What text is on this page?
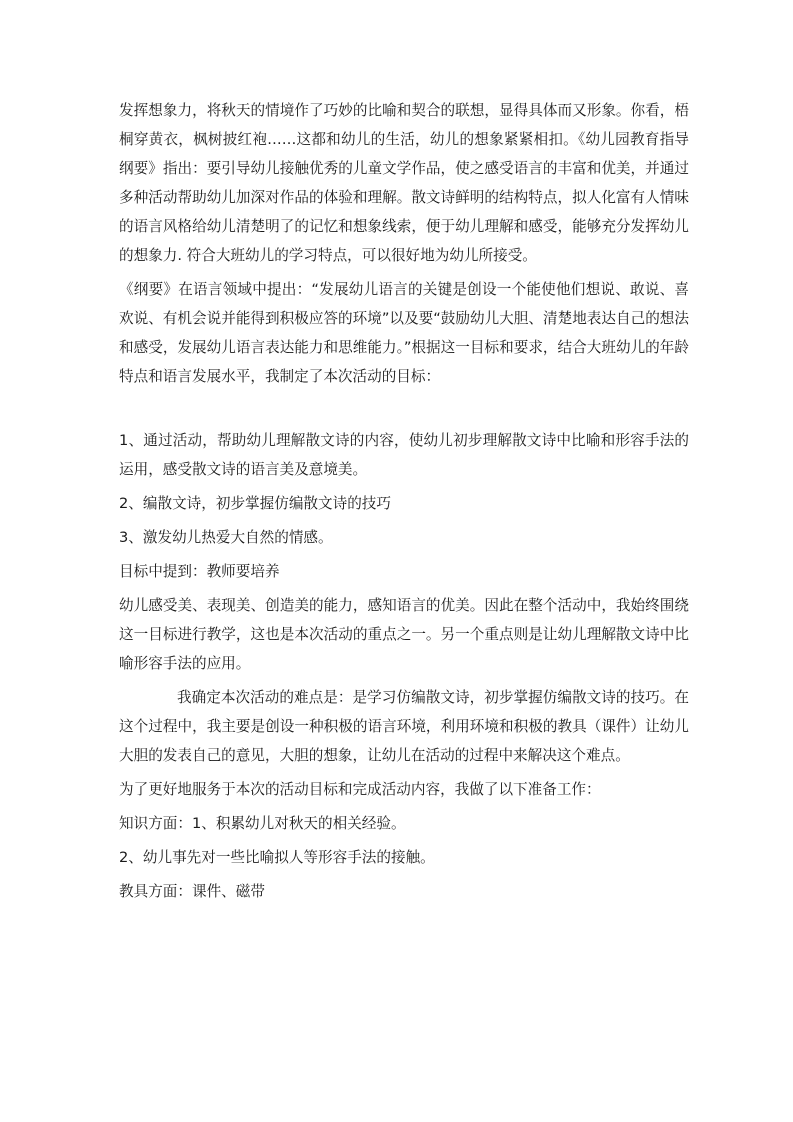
发挥想象力，将秋天的情境作了巧妙的比喻和契合的联想，显得具体而又形象。你看，梧桐穿黄衣，枫树披红袍……这都和幼儿的生活，幼儿的想象紧紧相扣。《幼儿园教育指导纲要》指出：要引导幼儿接触优秀的儿童文学作品，使之感受语言的丰富和优美，并通过多种活动帮助幼儿加深对作品的体验和理解。散文诗鲜明的结构特点，拟人化富有人情味的语言风格给幼儿清楚明了的记忆和想象线索，便于幼儿理解和感受，能够充分发挥幼儿的想象力. 符合大班幼儿的学习特点，可以很好地为幼儿所接受。

《纲要》在语言领域中提出：“发展幼儿语言的关键是创设一个能使他们想说、敢说、喜欢说、有机会说并能得到积极应答的环境”以及要“鼓励幼儿大胆、清楚地表达自己的想法和感受，发展幼儿语言表达能力和思维能力。”根据这一目标和要求，结合大班幼儿的年龄特点和语言发展水平，我制定了本次活动的目标：

1、通过活动，帮助幼儿理解散文诗的内容，使幼儿初步理解散文诗中比喻和形容手法的运用，感受散文诗的语言美及意境美。

2、编散文诗，初步掌握仿编散文诗的技巧

3、激发幼儿热爱大自然的情感。

目标中提到：教师要培养

幼儿感受美、表现美、创造美的能力，感知语言的优美。因此在整个活动中，我始终围绕这一目标进行教学，这也是本次活动的重点之一。另一个重点则是让幼儿理解散文诗中比喻形容手法的应用。

我确定本次活动的难点是：是学习仿编散文诗，初步掌握仿编散文诗的技巧。在这个过程中，我主要是创设一种积极的语言环境，利用环境和积极的教具（课件）让幼儿大胆的发表自己的意见，大胆的想象，让幼儿在活动的过程中来解决这个难点。

为了更好地服务于本次的活动目标和完成活动内容，我做了以下准备工作：

知识方面：1、积累幼儿对秋天的相关经验。

2、幼儿事先对一些比喻拟人等形容手法的接触。

教具方面：课件、磁带
